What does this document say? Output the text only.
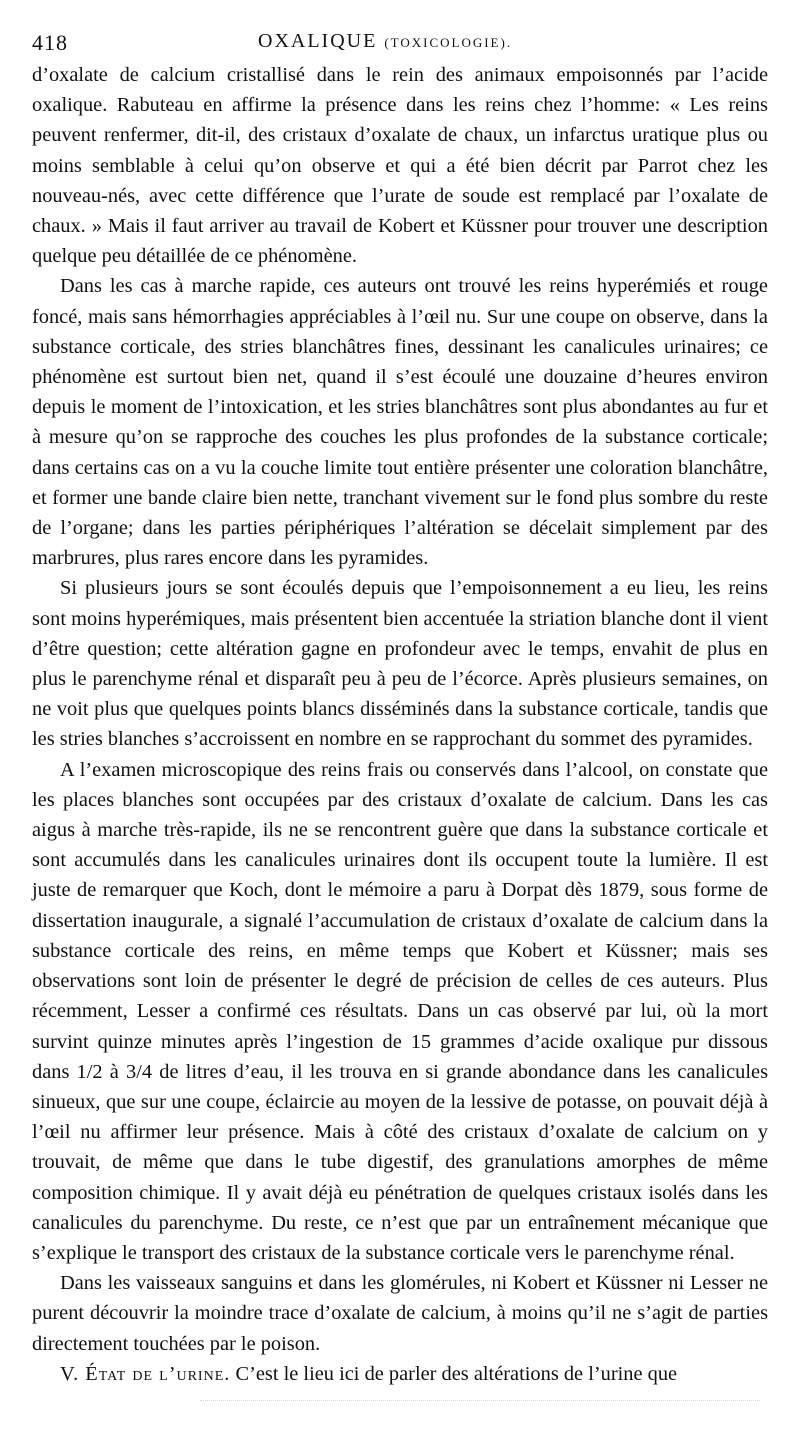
418	OXALIQUE (TOXICOLOGIE).

d’oxalate de calcium cristallisé dans le rein des animaux empoisonnés par l’acide oxalique. Rabuteau en affirme la présence dans les reins chez l’homme: « Les reins peuvent renfermer, dit-il, des cristaux d’oxalate de chaux, un infarctus uratique plus ou moins semblable à celui qu’on observe et qui a été bien décrit par Parrot chez les nouveau-nés, avec cette différence que l’urate de soude est remplacé par l’oxalate de chaux. » Mais il faut arriver au travail de Kobert et Küssner pour trouver une description quelque peu détaillée de ce phénomène.

Dans les cas à marche rapide, ces auteurs ont trouvé les reins hyperémiés et rouge foncé, mais sans hémorrhagies appréciables à l’œil nu. Sur une coupe on observe, dans la substance corticale, des stries blanchâtres fines, dessinant les canalicules urinaires; ce phénomène est surtout bien net, quand il s’est écoulé une douzaine d’heures environ depuis le moment de l’intoxication, et les stries blanchâtres sont plus abondantes au fur et à mesure qu’on se rapproche des couches les plus profondes de la substance corticale; dans certains cas on a vu la couche limite tout entière présenter une coloration blanchâtre, et former une bande claire bien nette, tranchant vivement sur le fond plus sombre du reste de l’organe; dans les parties périphériques l’altération se décelait simplement par des marbrures, plus rares encore dans les pyramides.

Si plusieurs jours se sont écoulés depuis que l’empoisonnement a eu lieu, les reins sont moins hyperémiques, mais présentent bien accentuée la striation blanche dont il vient d’être question; cette altération gagne en profondeur avec le temps, envahit de plus en plus le parenchyme rénal et disparaît peu à peu de l’écorce. Après plusieurs semaines, on ne voit plus que quelques points blancs disséminés dans la substance corticale, tandis que les stries blanches s’accroissent en nombre en se rapprochant du sommet des pyramides.

A l’examen microscopique des reins frais ou conservés dans l’alcool, on constate que les places blanches sont occupées par des cristaux d’oxalate de calcium. Dans les cas aigus à marche très-rapide, ils ne se rencontrent guère que dans la substance corticale et sont accumulés dans les canalicules urinaires dont ils occupent toute la lumière. Il est juste de remarquer que Koch, dont le mémoire a paru à Dorpat dès 1879, sous forme de dissertation inaugurale, a signalé l’accumulation de cristaux d’oxalate de calcium dans la substance corticale des reins, en même temps que Kobert et Küssner; mais ses observations sont loin de présenter le degré de précision de celles de ces auteurs. Plus récemment, Lesser a confirmé ces résultats. Dans un cas observé par lui, où la mort survint quinze minutes après l’ingestion de 15 grammes d’acide oxalique pur dissous dans 1/2 à 3/4 de litres d’eau, il les trouva en si grande abondance dans les canalicules sinueux, que sur une coupe, éclaircie au moyen de la lessive de potasse, on pouvait déjà à l’œil nu affirmer leur présence. Mais à côté des cristaux d’oxalate de calcium on y trouvait, de même que dans le tube digestif, des granulations amorphes de même composition chimique. Il y avait déjà eu pénétration de quelques cristaux isolés dans les canalicules du parenchyme. Du reste, ce n’est que par un entraînement mécanique que s’explique le transport des cristaux de la substance corticale vers le parenchyme rénal.

Dans les vaisseaux sanguins et dans les glomérules, ni Kobert et Küssner ni Lesser ne purent découvrir la moindre trace d’oxalate de calcium, à moins qu’il ne s’agit de parties directement touchées par le poison.

V. État de l’urine. C’est le lieu ici de parler des altérations de l’urine que
